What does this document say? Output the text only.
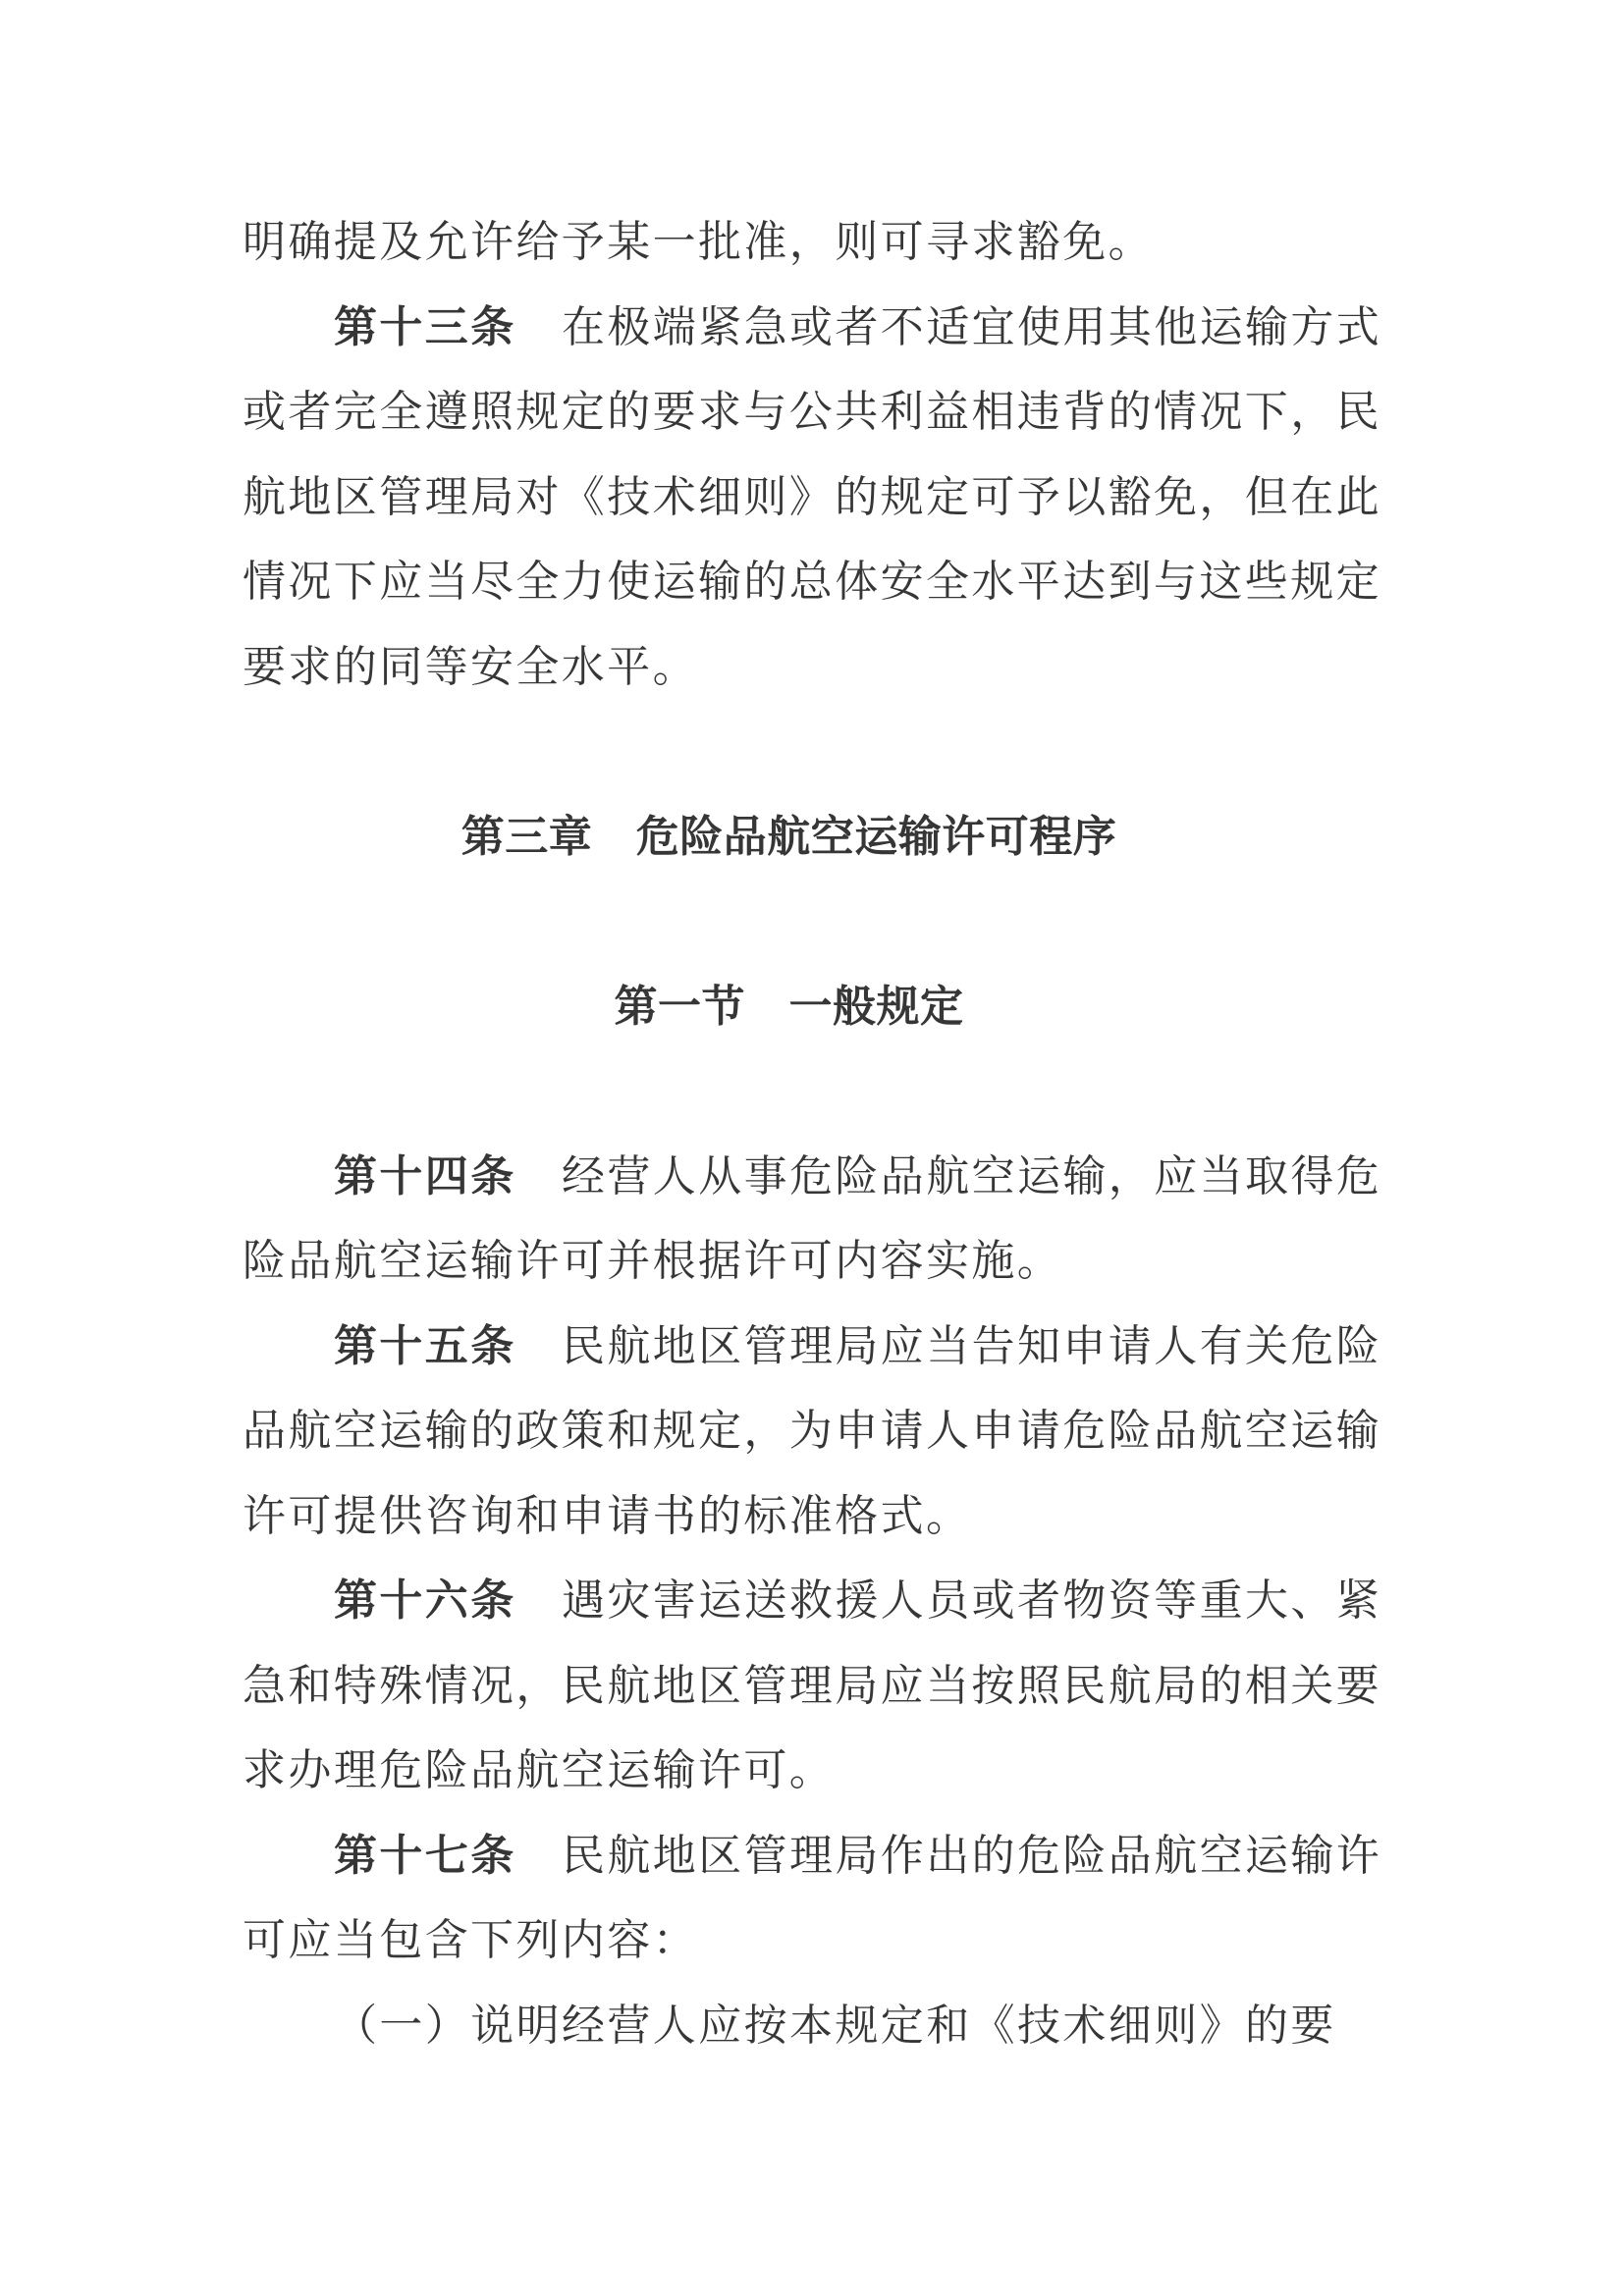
明确提及允许给予某一批准，则可寻求豁免。
第十三条　在极端紧急或者不适宜使用其他运输方式
或者完全遵照规定的要求与公共利益相违背的情况下，民
航地区管理局对《技术细则》的规定可予以豁免，但在此
情况下应当尽全力使运输的总体安全水平达到与这些规定
要求的同等安全水平。
第三章　危险品航空运输许可程序
第一节　一般规定
第十四条　经营人从事危险品航空运输，应当取得危
险品航空运输许可并根据许可内容实施。
第十五条　民航地区管理局应当告知申请人有关危险
品航空运输的政策和规定，为申请人申请危险品航空运输
许可提供咨询和申请书的标准格式。
第十六条　遇灾害运送救援人员或者物资等重大、紧
急和特殊情况，民航地区管理局应当按照民航局的相关要
求办理危险品航空运输许可。
第十七条　民航地区管理局作出的危险品航空运输许
可应当包含下列内容：
（一）说明经营人应按本规定和《技术细则》的要
